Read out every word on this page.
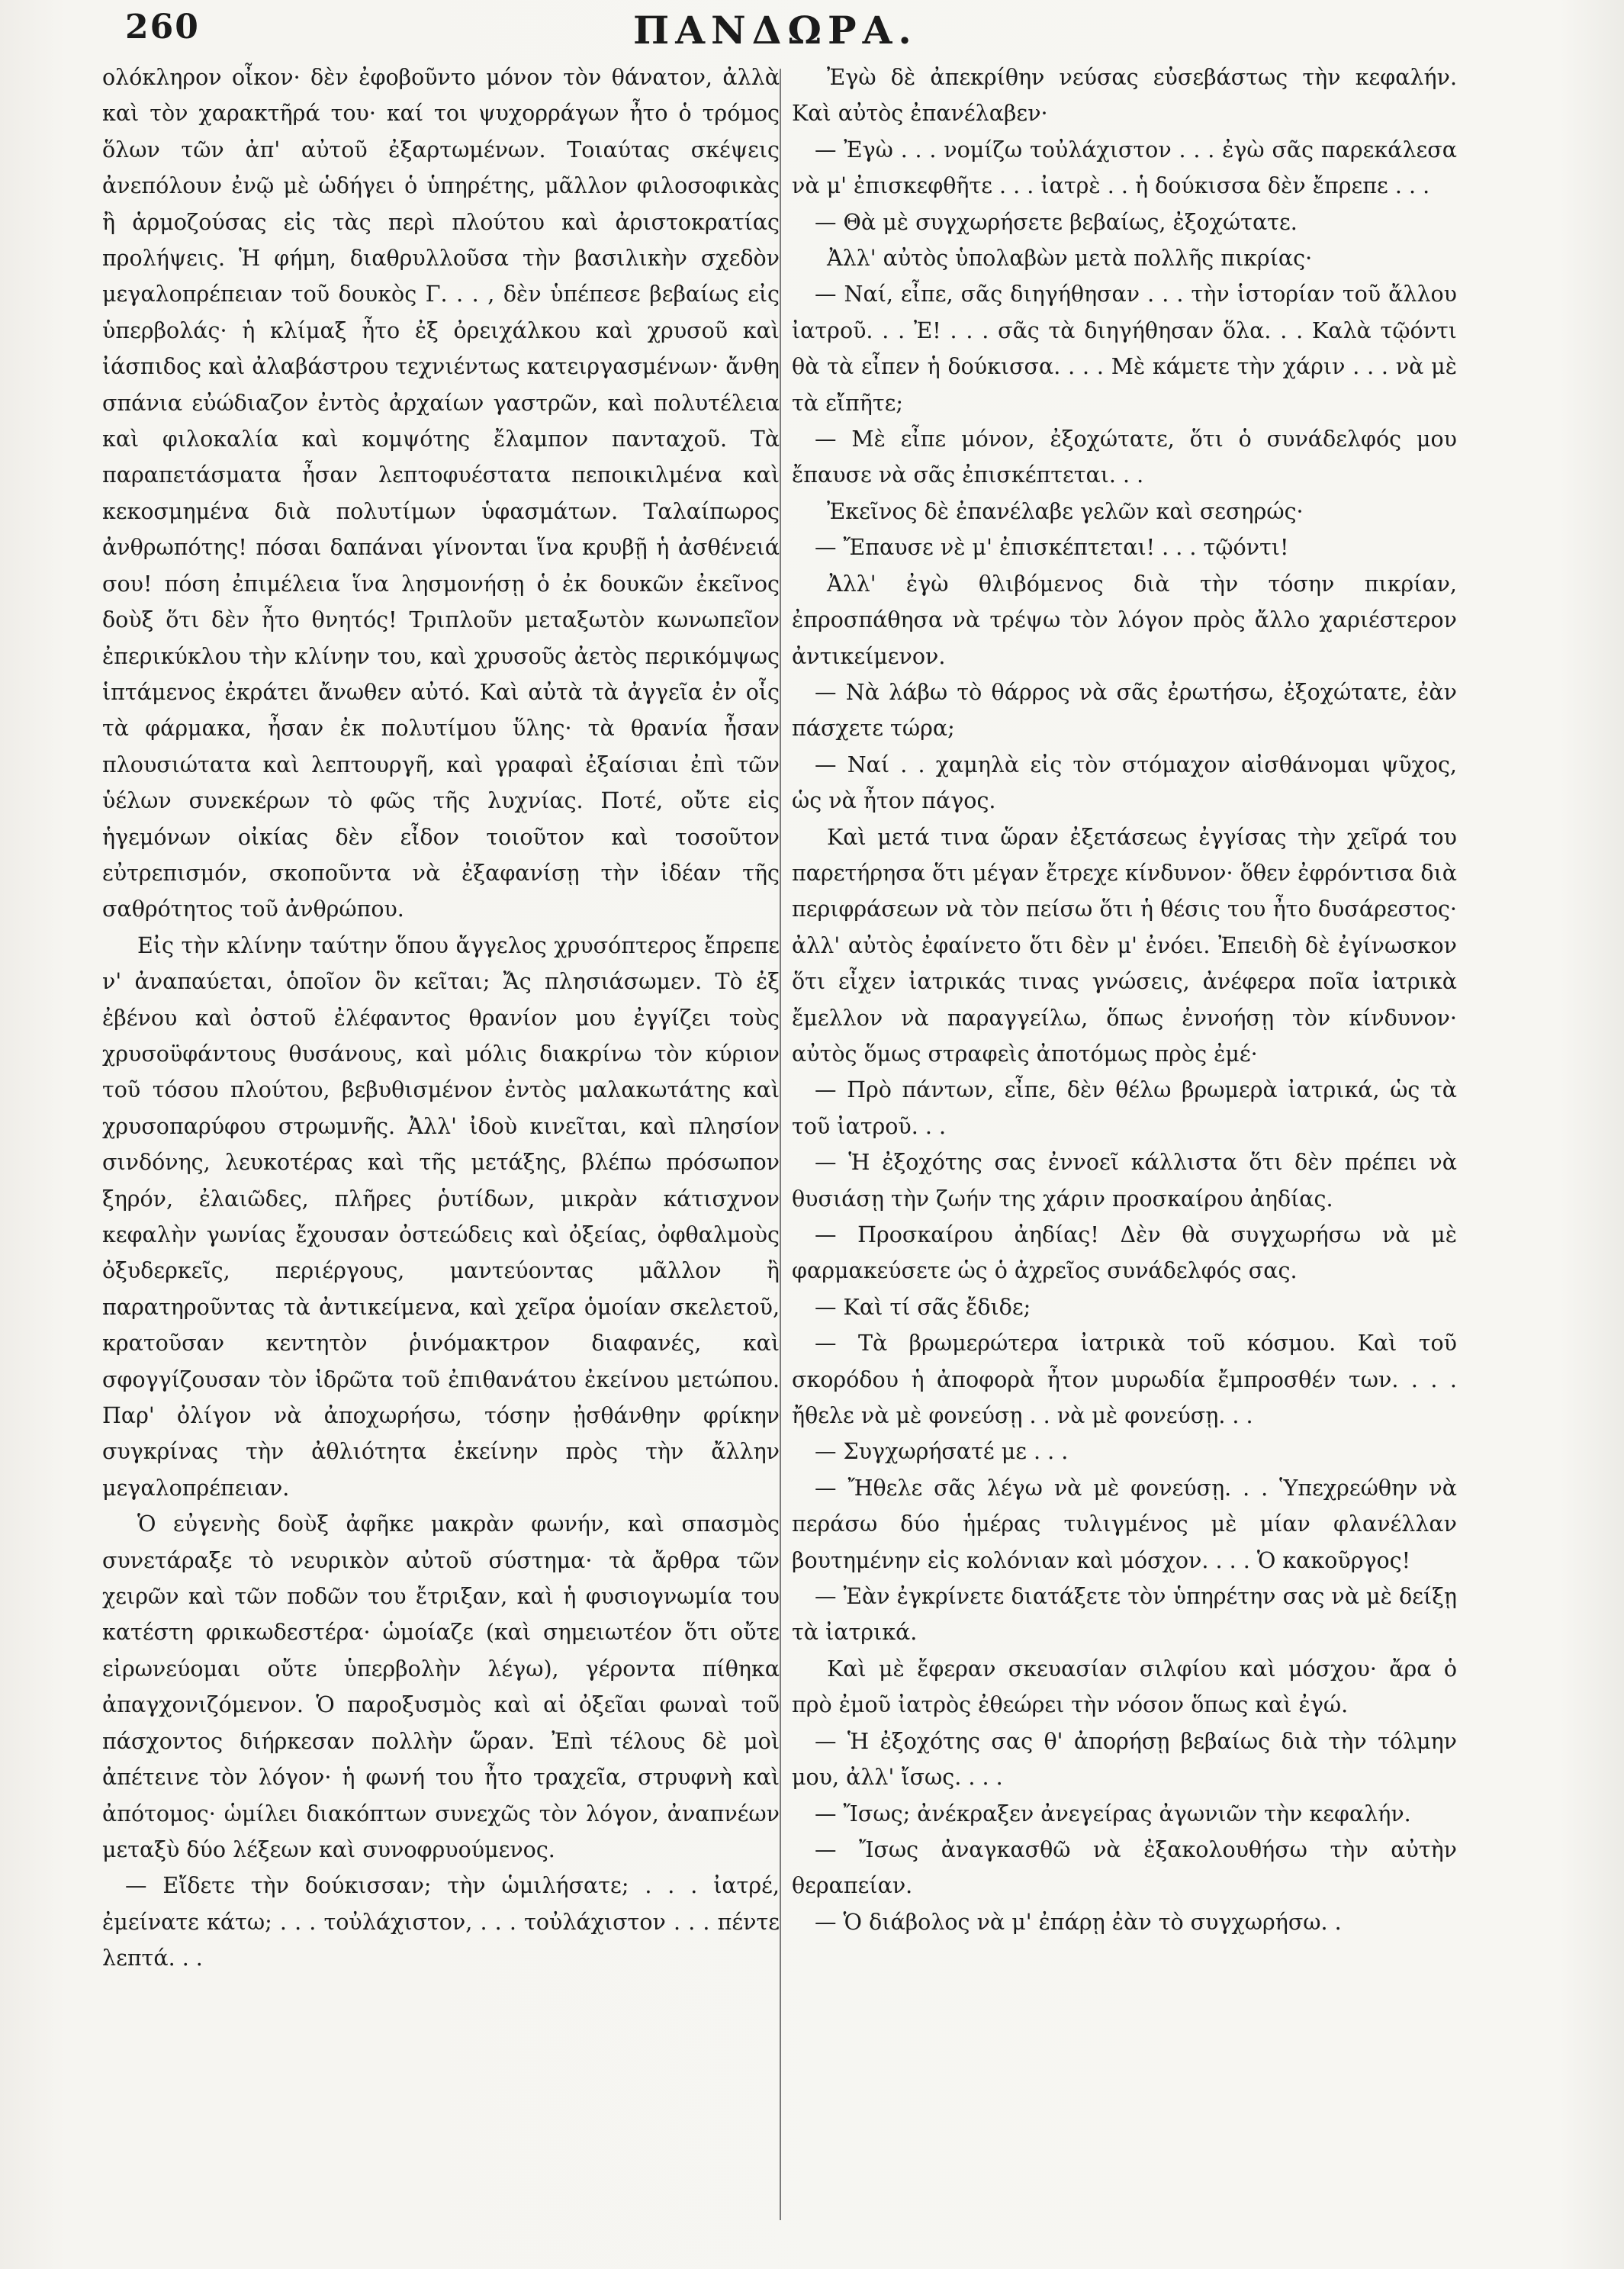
260	ΠΑΝΔΩΡΑ.

ολόκληρον οἶκον· δὲν ἐφοβοῦντο μόνον τὸν θάνατον, ἀλλὰ καὶ τὸν χαρακτῆρά του· καί τοι ψυχορράγων ἦτο ὁ τρόμος ὅλων τῶν ἀπ' αὐτοῦ ἐξαρτωμένων. Τοιαύτας σκέψεις ἀνεπόλουν ἐνῷ μὲ ὡδήγει ὁ ὑπηρέτης, μᾶλλον φιλοσοφικὰς ἢ ἁρμοζούσας εἰς τὰς περὶ πλούτου καὶ ἀριστοκρατίας προλήψεις. Ἡ φήμη, διαθρυλλοῦσα τὴν βασιλικὴν σχεδὸν μεγαλοπρέπειαν τοῦ δουκὸς Γ. . . , δὲν ὑπέπεσε βεβαίως εἰς ὑπερβολάς· ἡ κλίμαξ ἦτο ἐξ ὀρειχάλκου καὶ χρυσοῦ καὶ ἰάσπιδος καὶ ἀλαβάστρου τεχνιέντως κατειργασμένων· ἄνθη σπάνια εὐώδιαζον ἐντὸς ἀρχαίων γαστρῶν, καὶ πολυτέλεια καὶ φιλοκαλία καὶ κομψότης ἔλαμπον πανταχοῦ. Τὰ παραπετάσματα ἦσαν λεπτοφυέστατα πεποικιλμένα καὶ κεκοσμημένα διὰ πολυτίμων ὑφασμάτων. Ταλαίπωρος ἀνθρωπότης! πόσαι δαπάναι γίνονται ἵνα κρυβῇ ἡ ἀσθένειά σου! πόση ἐπιμέλεια ἵνα λησμονήσῃ ὁ ἐκ δουκῶν ἐκεῖνος δοὺξ ὅτι δὲν ἦτο θνητός! Τριπλοῦν μεταξωτὸν κωνωπεῖον ἐπερικύκλου τὴν κλίνην του, καὶ χρυσοῦς ἀετὸς περικόμψως ἱπτάμενος ἐκράτει ἄνωθεν αὐτό. Καὶ αὐτὰ τὰ ἀγγεῖα ἐν οἷς τὰ φάρμακα, ἦσαν ἐκ πολυτίμου ὕλης· τὰ θρανία ἦσαν πλουσιώτατα καὶ λεπτουργῆ, καὶ γραφαὶ ἐξαίσιαι ἐπὶ τῶν ὑέλων συνεκέρων τὸ φῶς τῆς λυχνίας. Ποτέ, οὔτε εἰς ἡγεμόνων οἰκίας δὲν εἶδον τοιοῦτον καὶ τοσοῦτον εὐτρεπισμόν, σκοποῦντα νὰ ἐξαφανίσῃ τὴν ἰδέαν τῆς σαθρότητος τοῦ ἀνθρώπου.

Εἰς τὴν κλίνην ταύτην ὅπου ἄγγελος χρυσόπτερος ἔπρεπε ν' ἀναπαύεται, ὁποῖον ὃν κεῖται; Ἄς πλησιάσωμεν. Τὸ ἐξ ἐβένου καὶ ὀστοῦ ἐλέφαντος θρανίον μου ἐγγίζει τοὺς χρυσοϋφάντους θυσάνους, καὶ μόλις διακρίνω τὸν κύριον τοῦ τόσου πλούτου, βεβυθισμένον ἐντὸς μαλακωτάτης καὶ χρυσοπαρύφου στρωμνῆς. Ἀλλ' ἰδοὺ κινεῖται, καὶ πλησίον σινδόνης, λευκοτέρας καὶ τῆς μετάξης, βλέπω πρόσωπον ξηρόν, ἐλαιῶδες, πλῆρες ῥυτίδων, μικρὰν κάτισχνον κεφαλὴν γωνίας ἔχουσαν ὀστεώδεις καὶ ὀξείας, ὀφθαλμοὺς ὀξυδερκεῖς, περιέργους, μαντεύοντας μᾶλλον ἢ παρατηροῦντας τὰ ἀντικείμενα, καὶ χεῖρα ὁμοίαν σκελετοῦ, κρατοῦσαν κεντητὸν ῥινόμακτρον διαφανές, καὶ σφογγίζουσαν τὸν ἱδρῶτα τοῦ ἐπιθανάτου ἐκείνου μετώπου. Παρ' ὀλίγον νὰ ἀποχωρήσω, τόσην ᾐσθάνθην φρίκην συγκρίνας τὴν ἀθλιότητα ἐκείνην πρὸς τὴν ἄλλην μεγαλοπρέπειαν.

Ὁ εὐγενὴς δοὺξ ἀφῆκε μακρὰν φωνήν, καὶ σπασμὸς συνετάραξε τὸ νευρικὸν αὐτοῦ σύστημα· τὰ ἄρθρα τῶν χειρῶν καὶ τῶν ποδῶν του ἔτριξαν, καὶ ἡ φυσιογνωμία του κατέστη φρικωδεστέρα· ὡμοίαζε (καὶ σημειωτέον ὅτι οὔτε εἰρωνεύομαι οὔτε ὑπερβολὴν λέγω), γέροντα πίθηκα ἀπαγχονιζόμενον. Ὁ παροξυσμὸς καὶ αἱ ὀξεῖαι φωναὶ τοῦ πάσχοντος διήρκεσαν πολλὴν ὥραν. Ἐπὶ τέλους δὲ μοὶ ἀπέτεινε τὸν λόγον· ἡ φωνή του ἦτο τραχεῖα, στρυφνὴ καὶ ἀπότομος· ὡμίλει διακόπτων συνεχῶς τὸν λόγον, ἀναπνέων μεταξὺ δύο λέξεων καὶ συνοφρυούμενος.

— Εἴδετε τὴν δούκισσαν; τὴν ὡμιλήσατε; . . . ἰατρέ, ἐμείνατε κάτω; . . . τοὐλάχιστον, . . . τοὐλάχιστον . . . πέντε λεπτά. . .

Ἐγὼ δὲ ἀπεκρίθην νεύσας εὐσεβάστως τὴν κεφαλήν. Καὶ αὐτὸς ἐπανέλαβεν·

— Ἐγὼ . . . νομίζω τοὐλάχιστον . . . ἐγὼ σᾶς παρεκάλεσα νὰ μ' ἐπισκεφθῆτε . . . ἰατρὲ . . ἡ δούκισσα δὲν ἔπρεπε . . .

— Θὰ μὲ συγχωρήσετε βεβαίως, ἐξοχώτατε.

Ἀλλ' αὐτὸς ὑπολαβὼν μετὰ πολλῆς πικρίας·

— Ναί, εἶπε, σᾶς διηγήθησαν . . . τὴν ἱστορίαν τοῦ ἄλλου ἰατροῦ. . . Ἐ! . . . σᾶς τὰ διηγήθησαν ὅλα. . . Καλὰ τῷόντι θὰ τὰ εἶπεν ἡ δούκισσα. . . . Μὲ κάμετε τὴν χάριν . . . νὰ μὲ τὰ εἴπῆτε;

— Μὲ εἶπε μόνον, ἐξοχώτατε, ὅτι ὁ συνάδελφός μου ἔπαυσε νὰ σᾶς ἐπισκέπτεται. . .

Ἐκεῖνος δὲ ἐπανέλαβε γελῶν καὶ σεσηρώς·

— Ἔπαυσε νὲ μ' ἐπισκέπτεται! . . . τῷόντι!

Ἀλλ' ἐγὼ θλιβόμενος διὰ τὴν τόσην πικρίαν, ἐπροσπάθησα νὰ τρέψω τὸν λόγον πρὸς ἄλλο χαριέστερον ἀντικείμενον.

— Νὰ λάβω τὸ θάρρος νὰ σᾶς ἐρωτήσω, ἐξοχώτατε, ἐὰν πάσχετε τώρα;

— Ναί . . χαμηλὰ εἰς τὸν στόμαχον αἰσθάνομαι ψῦχος, ὡς νὰ ἦτον πάγος.

Καὶ μετά τινα ὥραν ἐξετάσεως ἐγγίσας τὴν χεῖρά του παρετήρησα ὅτι μέγαν ἔτρεχε κίνδυνον· ὅθεν ἐφρόντισα διὰ περιφράσεων νὰ τὸν πείσω ὅτι ἡ θέσις του ἦτο δυσάρεστος· ἀλλ' αὐτὸς ἐφαίνετο ὅτι δὲν μ' ἐνόει. Ἐπειδὴ δὲ ἐγίνωσκον ὅτι εἶχεν ἰατρικάς τινας γνώσεις, ἀνέφερα ποῖα ἰατρικὰ ἔμελλον νὰ παραγγείλω, ὅπως ἐννοήσῃ τὸν κίνδυνον· αὐτὸς ὅμως στραφεὶς ἀποτόμως πρὸς ἐμέ·

— Πρὸ πάντων, εἶπε, δὲν θέλω βρωμερὰ ἰατρικά, ὡς τὰ τοῦ ἰατροῦ. . .

— Ἡ ἐξοχότης σας ἐννοεῖ κάλλιστα ὅτι δὲν πρέπει νὰ θυσιάσῃ τὴν ζωήν της χάριν προσκαίρου ἀηδίας.

— Προσκαίρου ἀηδίας! Δὲν θὰ συγχωρήσω νὰ μὲ φαρμακεύσετε ὡς ὁ ἀχρεῖος συνάδελφός σας.

— Καὶ τί σᾶς ἔδιδε;

— Τὰ βρωμερώτερα ἰατρικὰ τοῦ κόσμου. Καὶ τοῦ σκορόδου ἡ ἀποφορὰ ἦτον μυρωδία ἔμπροσθέν των. . . . ἤθελε νὰ μὲ φονεύσῃ . . νὰ μὲ φονεύσῃ. . .

— Συγχωρήσατέ με . . .

— Ἤθελε σᾶς λέγω νὰ μὲ φονεύσῃ. . . Ὑπεχρεώθην νὰ περάσω δύο ἡμέρας τυλιγμένος μὲ μίαν φλανέλλαν βουτημένην εἰς κολόνιαν καὶ μόσχον. . . . Ὁ κακοῦργος!

— Ἐὰν ἐγκρίνετε διατάξετε τὸν ὑπηρέτην σας νὰ μὲ δείξῃ τὰ ἰατρικά.

Καὶ μὲ ἔφεραν σκευασίαν σιλφίου καὶ μόσχου· ἄρα ὁ πρὸ ἐμοῦ ἰατρὸς ἐθεώρει τὴν νόσον ὅπως καὶ ἐγώ.

— Ἡ ἐξοχότης σας θ' ἀπορήσῃ βεβαίως διὰ τὴν τόλμην μου, ἀλλ' ἴσως. . . .

— Ἴσως; ἀνέκραξεν ἀνεγείρας ἀγωνιῶν τὴν κεφαλήν.

— Ἴσως ἀναγκασθῶ νὰ ἐξακολουθήσω τὴν αὐτὴν θεραπείαν.

— Ὁ διάβολος νὰ μ' ἐπάρῃ ἐὰν τὸ συγχωρήσω. .
